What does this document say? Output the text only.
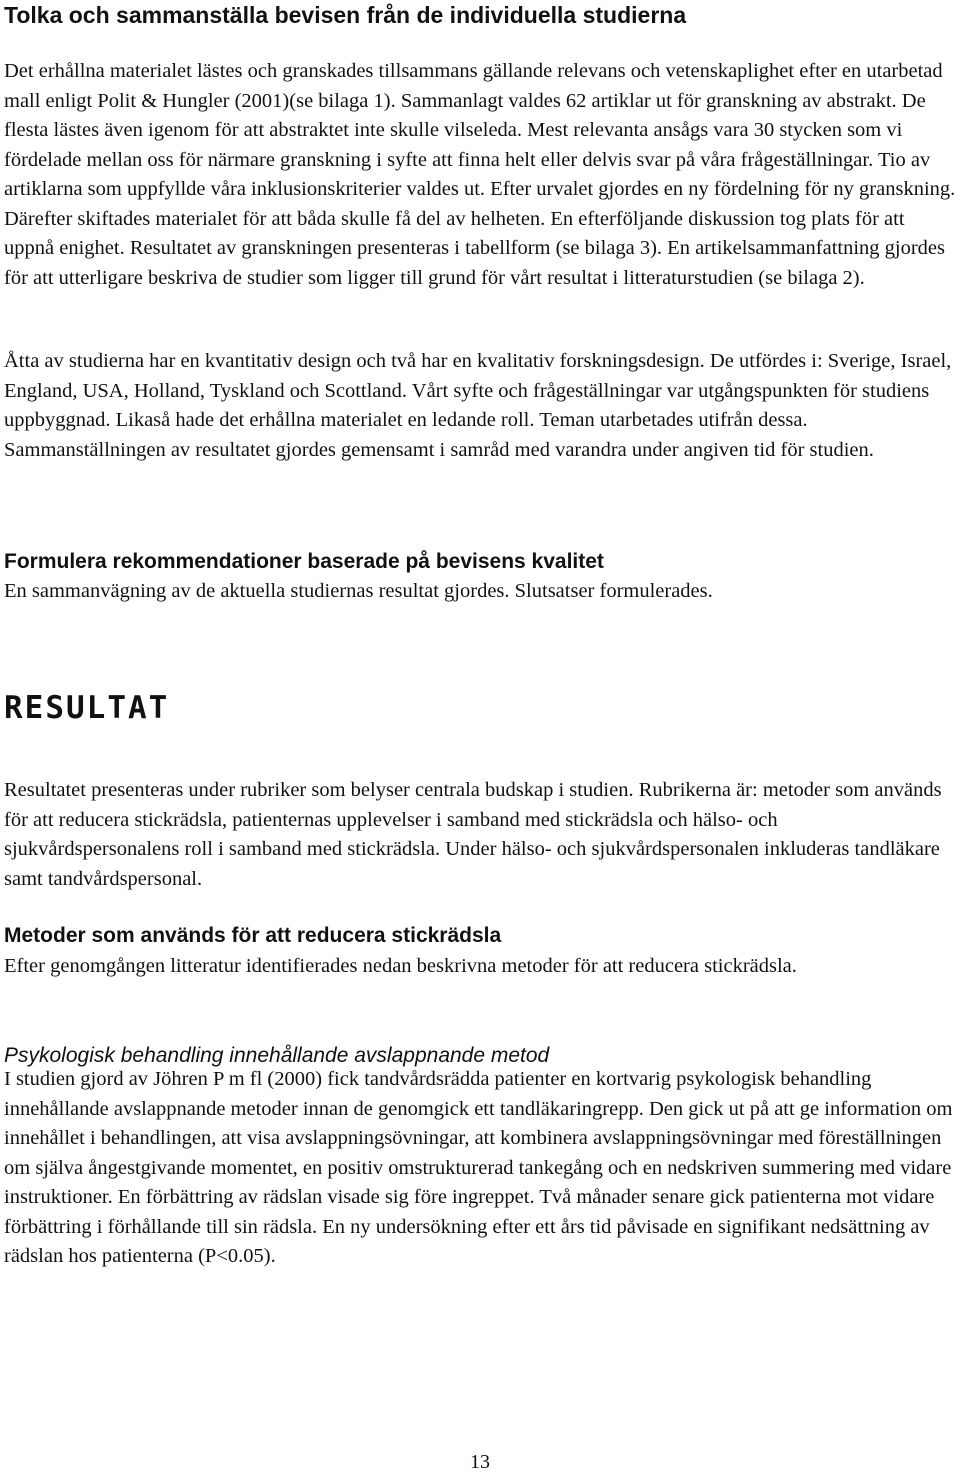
Tolka och sammanställa bevisen från de individuella studierna

Det erhållna materialet lästes och granskades tillsammans gällande relevans och vetenskaplighet efter en utarbetad mall enligt Polit & Hungler (2001)(se bilaga 1). Sammanlagt valdes 62 artiklar ut för granskning av abstrakt. De flesta lästes även igenom för att abstraktet inte skulle vilseleda. Mest relevanta ansågs vara 30 stycken som vi fördelade mellan oss för närmare granskning i syfte att finna helt eller delvis svar på våra frågeställningar. Tio av artiklarna som uppfyllde våra inklusionskriterier valdes ut. Efter urvalet gjordes en ny fördelning för ny granskning. Därefter skiftades materialet för att båda skulle få del av helheten. En efterföljande diskussion tog plats för att uppnå enighet. Resultatet av granskningen presenteras i tabellform (se bilaga 3). En artikelsammanfattning gjordes för att utterligare beskriva de studier som ligger till grund för vårt resultat i litteraturstudien (se bilaga 2).

Åtta av studierna har en kvantitativ design och två har en kvalitativ forskningsdesign. De utfördes i: Sverige, Israel, England, USA, Holland, Tyskland och Scottland. Vårt syfte och frågeställningar var utgångspunkten för studiens uppbyggnad. Likaså hade det erhållna materialet en ledande roll. Teman utarbetades utifrån dessa. Sammanställningen av resultatet gjordes gemensamt i samråd med varandra under angiven tid för studien.

Formulera rekommendationer baserade på bevisens kvalitet

En sammanvägning av de aktuella studiernas resultat gjordes. Slutsatser formulerades.

RESULTAT

Resultatet presenteras under rubriker som belyser centrala budskap i studien. Rubrikerna är: metoder som används för att reducera stickrädsla, patienternas upplevelser i samband med stickrädsla och hälso- och sjukvårdspersonalens roll i samband med stickrädsla. Under hälso- och sjukvårdspersonalen inkluderas tandläkare samt tandvårdspersonal.

Metoder som används för att reducera stickrädsla

Efter genomgången litteratur identifierades nedan beskrivna metoder för att reducera stickrädsla.

Psykologisk behandling innehållande avslappnande metod

I studien gjord av Jöhren P m fl (2000) fick tandvårdsrädda patienter en kortvarig psykologisk behandling innehållande avslappnande metoder innan de genomgick ett tandläkaringrepp. Den gick ut på att ge information om innehållet i behandlingen, att visa avslappningsövningar, att kombinera avslappningsövningar med föreställningen om själva ångestgivande momentet, en positiv omstrukturerad tankegång och en nedskriven summering med vidare instruktioner. En förbättring av rädslan visade sig före ingreppet. Två månader senare gick patienterna mot vidare förbättring i förhållande till sin rädsla. En ny undersökning efter ett års tid påvisade en signifikant nedsättning av rädslan hos patienterna (P<0.05).

13
